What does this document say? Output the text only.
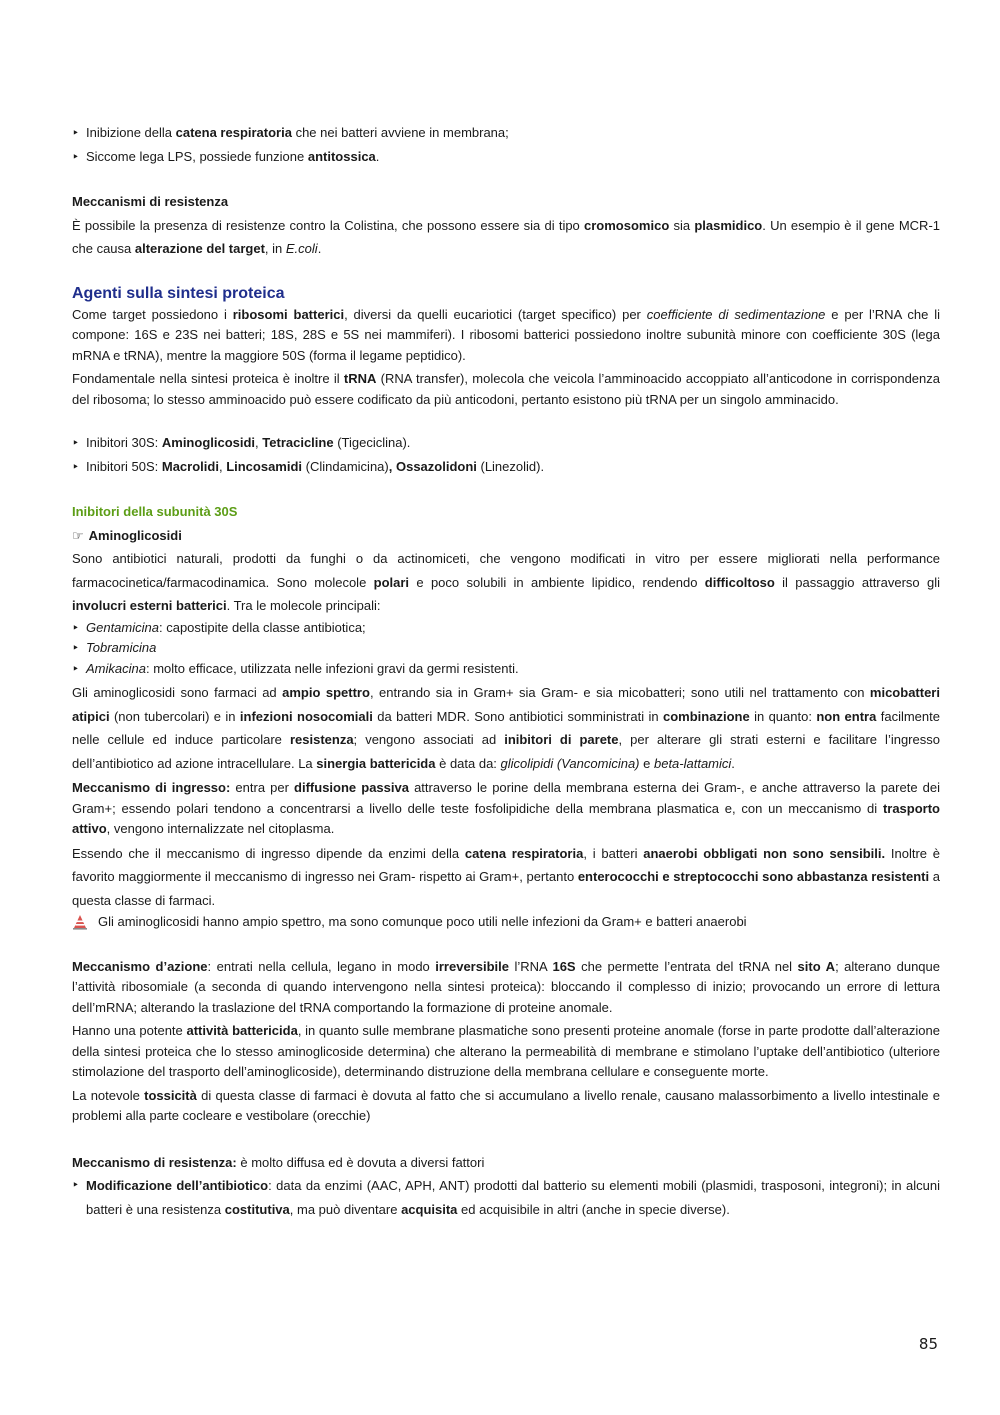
‣ Inibizione della catena respiratoria che nei batteri avviene in membrana;
‣ Siccome lega LPS, possiede funzione antitossica.

Meccanismi di resistenza

È possibile la presenza di resistenze contro la Colistina, che possono essere sia di tipo cromosomico sia plasmidico. Un esempio è il gene MCR-1 che causa alterazione del target, in E.coli.

Agenti sulla sintesi proteica

Come target possiedono i ribosomi batterici, diversi da quelli eucariotici (target specifico) per coefficiente di sedimentazione e per l’RNA che li compone: 16S e 23S nei batteri; 18S, 28S e 5S nei mammiferi). I ribosomi batterici possiedono inoltre subunità minore con coefficiente 30S (lega mRNA e tRNA), mentre la maggiore 50S (forma il legame peptidico).

Fondamentale nella sintesi proteica è inoltre il tRNA (RNA transfer), molecola che veicola l’amminoacido accoppiato all’anticodone in corrispondenza del ribosoma; lo stesso amminoacido può essere codificato da più anticodoni, pertanto esistono più tRNA per un singolo amminacido.

‣ Inibitori 30S: Aminoglicosidi, Tetracicline (Tigeciclina).
‣ Inibitori 50S: Macrolidi, Lincosamidi (Clindamicina), Ossazolidoni (Linezolid).

Inibitori della subunità 30S

☞ Aminoglicosidi

Sono antibiotici naturali, prodotti da funghi o da actinomiceti, che vengono modificati in vitro per essere migliorati nella performance farmacocinetica/farmacodinamica. Sono molecole polari e poco solubili in ambiente lipidico, rendendo difficoltoso il passaggio attraverso gli involucri esterni batterici. Tra le molecole principali:

‣ Gentamicina: capostipite della classe antibiotica;
‣ Tobramicina
‣ Amikacina: molto efficace, utilizzata nelle infezioni gravi da germi resistenti.

Gli aminoglicosidi sono farmaci ad ampio spettro, entrando sia in Gram+ sia Gram- e sia micobatteri; sono utili nel trattamento con micobatteri atipici (non tubercolari) e in infezioni nosocomiali da batteri MDR. Sono antibiotici somministrati in combinazione in quanto: non entra facilmente nelle cellule ed induce particolare resistenza; vengono associati ad inibitori di parete, per alterare gli strati esterni e facilitare l’ingresso dell’antibiotico ad azione intracellulare. La sinergia battericida è data da: glicolipidi (Vancomicina) e beta-lattamici.

Meccanismo di ingresso: entra per diffusione passiva attraverso le porine della membrana esterna dei Gram-, e anche attraverso la parete dei Gram+; essendo polari tendono a concentrarsi a livello delle teste fosfolipidiche della membrana plasmatica e, con un meccanismo di trasporto attivo, vengono internalizzate nel citoplasma.

Essendo che il meccanismo di ingresso dipende da enzimi della catena respiratoria, i batteri anaerobi obbligati non sono sensibili. Inoltre è favorito maggiormente il meccanismo di ingresso nei Gram- rispetto ai Gram+, pertanto enterococchi e streptococchi sono abbastanza resistenti a questa classe di farmaci.

Gli aminoglicosidi hanno ampio spettro, ma sono comunque poco utili nelle infezioni da Gram+ e batteri anaerobi

Meccanismo d’azione: entrati nella cellula, legano in modo irreversibile l’RNA 16S che permette l’entrata del tRNA nel sito A; alterano dunque l’attività ribosomiale (a seconda di quando intervengono nella sintesi proteica): bloccando il complesso di inizio; provocando un errore di lettura dell’mRNA; alterando la traslazione del tRNA comportando la formazione di proteine anomale.

Hanno una potente attività battericida, in quanto sulle membrane plasmatiche sono presenti proteine anomale (forse in parte prodotte dall’alterazione della sintesi proteica che lo stesso aminoglicoside determina) che alterano la permeabilità di membrane e stimolano l’uptake dell’antibiotico (ulteriore stimolazione del trasporto dell’aminoglicoside), determinando distruzione della membrana cellulare e conseguente morte.

La notevole tossicità di questa classe di farmaci è dovuta al fatto che si accumulano a livello renale, causano malassorbimento a livello intestinale e problemi alla parte cocleare e vestibolare (orecchie)

Meccanismo di resistenza: è molto diffusa ed è dovuta a diversi fattori

‣ Modificazione dell’antibiotico: data da enzimi (AAC, APH, ANT) prodotti dal batterio su elementi mobili (plasmidi, trasposoni, integroni); in alcuni batteri è una resistenza costitutiva, ma può diventare acquisita ed acquisibile in altri (anche in specie diverse).
85
